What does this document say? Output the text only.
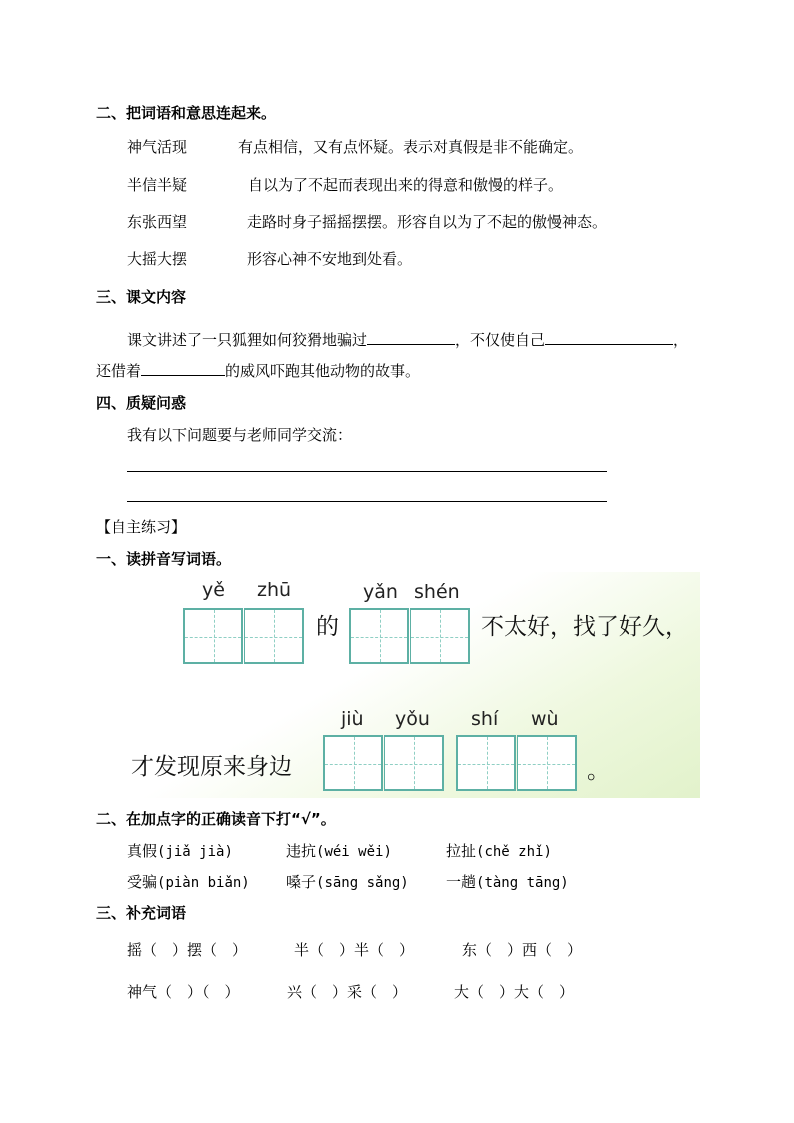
二、把词语和意思连起来。
神气活现	有点相信，又有点怀疑。表示对真假是非不能确定。
半信半疑	自以为了不起而表现出来的得意和傲慢的样子。
东张西望	走路时身子摇摇摆摆。形容自以为了不起的傲慢神态。
大摇大摆	形容心神不安地到处看。
三、课文内容
课文讲述了一只狐狸如何狡猾地骗过	，不仅使自己	，
还借着	的威风吓跑其他动物的故事。
四、质疑问惑
我有以下问题要与老师同学交流：
【自主练习】
一、读拼音写词语。
yě zhū
的
yǎn shén
不太好，找了好久，
jiù yǒu shí wù
才发现原来身边	。
二、在加点字的正确读音下打“√”。
真假(jiǎ jià)	违抗(wéi wěi)	拉扯(chě zhǐ)
受骗(piàn biǎn) 嗓子(sāng sǎng) 一趟(tàng tāng)
三、补充词语
摇（　）摆（　）	半（　）半（　）	东（　）西（　）
神气（　）（　）	兴（　）采（　）	大（　）大（　）
